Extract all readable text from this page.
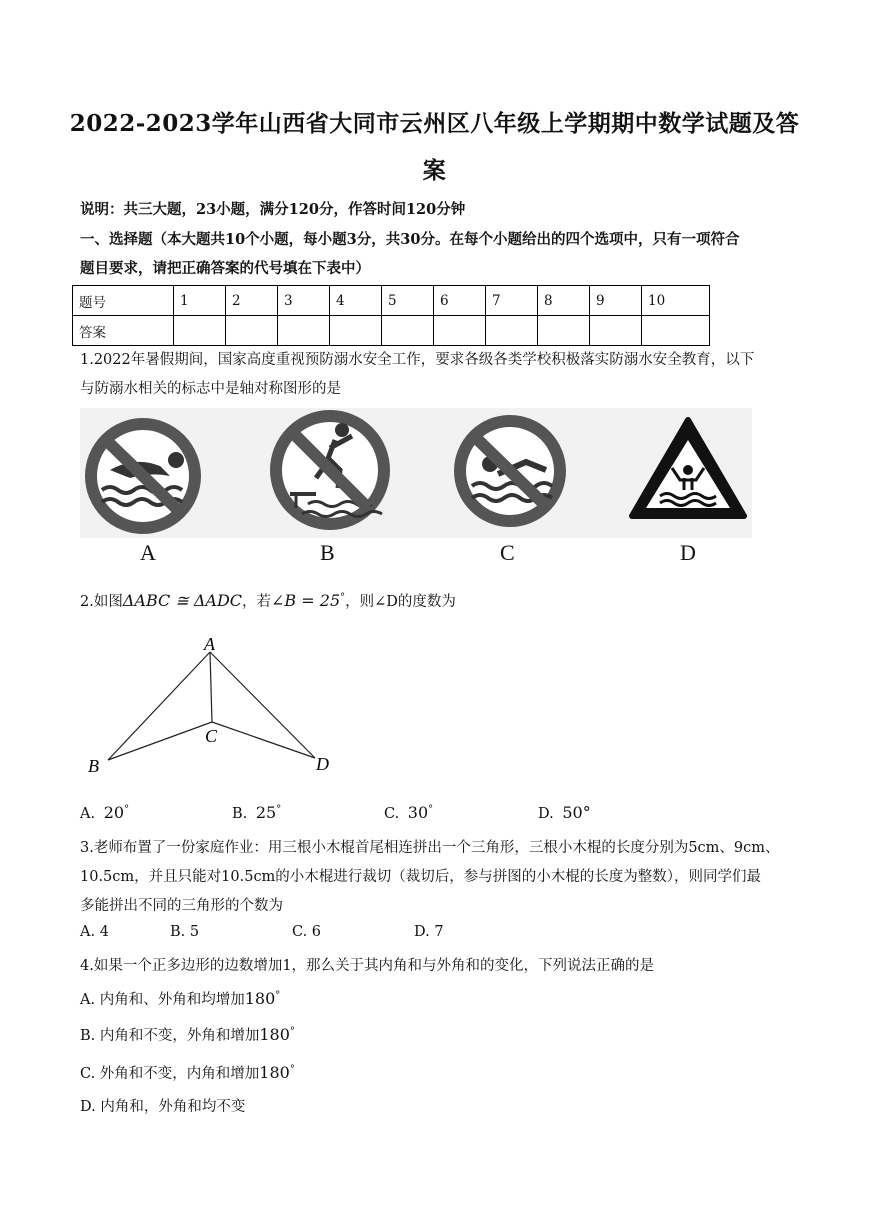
2022-2023学年山西省大同市云州区八年级上学期期中数学试题及答
案
说明：共三大题，23小题，满分120分，作答时间120分钟
一、选择题（本大题共10个小题，每小题3分，共30分。在每个小题给出的四个选项中，只有一项符合
题目要求，请把正确答案的代号填在下表中）
题号	1	2	3	4	5	6	7	8	9	10
答案										
1.2022年暑假期间，国家高度重视预防溺水安全工作，要求各级各类学校积极落实防溺水安全教育，以下
与防溺水相关的标志中是轴对称图形的是
A	B	C	D
2.如图ΔABC ≅ ΔADC，若∠B = 25°，则∠D的度数为
A
B
C
D
A. 20°	B. 25°	C. 30°	D. 50°
3.老师布置了一份家庭作业：用三根小木棍首尾相连拼出一个三角形，三根小木棍的长度分别为5cm、9cm、
10.5cm，并且只能对10.5cm的小木棍进行裁切（裁切后，参与拼图的小木棍的长度为整数），则同学们最
多能拼出不同的三角形的个数为
A. 4	B. 5	C. 6	D. 7
4.如果一个正多边形的边数增加1，那么关于其内角和与外角和的变化，下列说法正确的是
A. 内角和、外角和均增加180°
B. 内角和不变，外角和增加180°
C. 外角和不变，内角和增加180°
D. 内角和，外角和均不变
